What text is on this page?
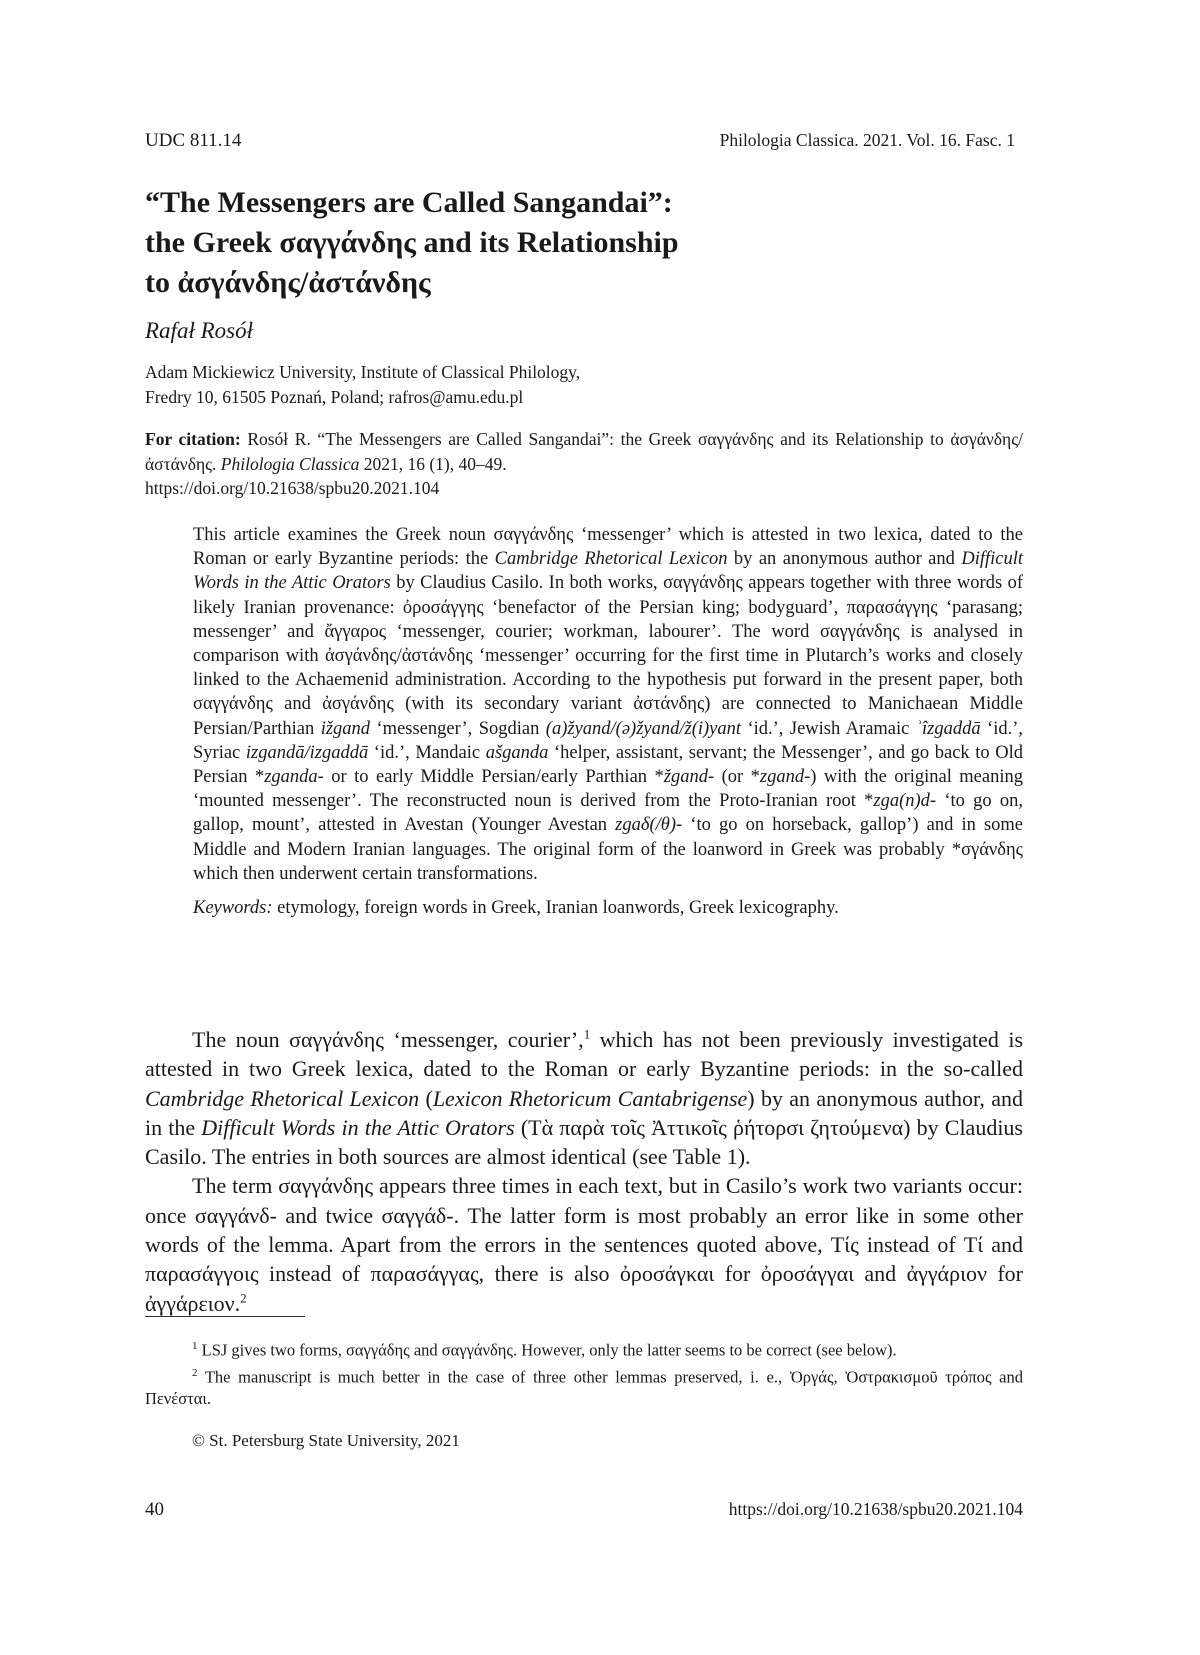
UDC 811.14	Philologia Classica. 2021. Vol. 16. Fasc. 1
“The Messengers are Called Sangandai”:
the Greek σαγγάνδης and its Relationship
to ἀσγάνδης/ἀστάνδης
Rafał Rosół
Adam Mickiewicz University, Institute of Classical Philology,
Fredry 10, 61505 Poznań, Poland; rafros@amu.edu.pl
For citation: Rosół R. “The Messengers are Called Sangandai”: the Greek σαγγάνδης and its Relationship to ἀσγάνδης/ἀστάνδης. Philologia Classica 2021, 16 (1), 40–49.
https://doi.org/10.21638/spbu20.2021.104

This article examines the Greek noun σαγγάνδης ‘messenger’ which is attested in two lexica, dated to the Roman or early Byzantine periods: the Cambridge Rhetorical Lexicon by an anonymous author and Difficult Words in the Attic Orators by Claudius Casilo. In both works, σαγγάνδης appears together with three words of likely Iranian provenance: ὀροσάγγης ‘benefactor of the Persian king; bodyguard’, παρασάγγης ‘parasang; messenger’ and ἄγγαρος ‘messenger, courier; workman, labourer’. The word σαγγάνδης is analysed in comparison with ἀσγάνδης/ἀστάνδης ‘messenger’ occurring for the first time in Plutarch’s works and closely linked to the Achaemenid administration. According to the hypothesis put forward in the present paper, both σαγγάνδης and ἀσγάνδης (with its secondary variant ἀστάνδης) are connected to Manichaean Middle Persian/Parthian ižgand ‘messenger’, Sogdian (a)žyand/(ə)žyand/ž(i)yant ‘id.’, Jewish Aramaic ʾîzgaddā ‘id.’, Syriac izgandā/izgaddā ‘id.’, Mandaic ašganda ‘helper, assistant, servant; the Messenger’, and go back to Old Persian *zganda- or to early Middle Persian/early Parthian *žgand- (or *zgand-) with the original meaning ‘mounted messenger’. The reconstructed noun is derived from the Proto-Iranian root *zga(n)d- ‘to go on, gallop, mount’, attested in Avestan (Younger Avestan zgaδ(/θ)- ‘to go on horseback, gallop’) and in some Middle and Modern Iranian languages. The original form of the loanword in Greek was probably *σγάνδης which then underwent certain transformations.

Keywords: etymology, foreign words in Greek, Iranian loanwords, Greek lexicography.

The noun σαγγάνδης ‘messenger, courier’,$^1$ which has not been previously investigated is attested in two Greek lexica, dated to the Roman or early Byzantine periods: in the so-called Cambridge Rhetorical Lexicon (Lexicon Rhetoricum Cantabrigense) by an anonymous author, and in the Difficult Words in the Attic Orators (Τὰ παρὰ τοῖς Ἀττικοῖς ῥήτορσι ζητούμενα) by Claudius Casilo. The entries in both sources are almost identical (see Table 1).

The term σαγγάνδης appears three times in each text, but in Casilo’s work two variants occur: once σαγγάνδ- and twice σαγγάδ-. The latter form is most probably an error like in some other words of the lemma. Apart from the errors in the sentences quoted above, Τίς instead of Τί and παρασάγγοις instead of παρασάγγας, there is also ὀροσάγκαι for ὀροσάγγαι and ἀγγάριον for ἀγγάρειον.$^2$

$^1$ LSJ gives two forms, σαγγάδης and σαγγάνδης. However, only the latter seems to be correct (see below).

$^2$ The manuscript is much better in the case of three other lemmas preserved, i. e., Ὀργάς, Ὀστρακισμοῦ τρόπος and Πενέσται.

© St. Petersburg State University, 2021
40	https://doi.org/10.21638/spbu20.2021.104
